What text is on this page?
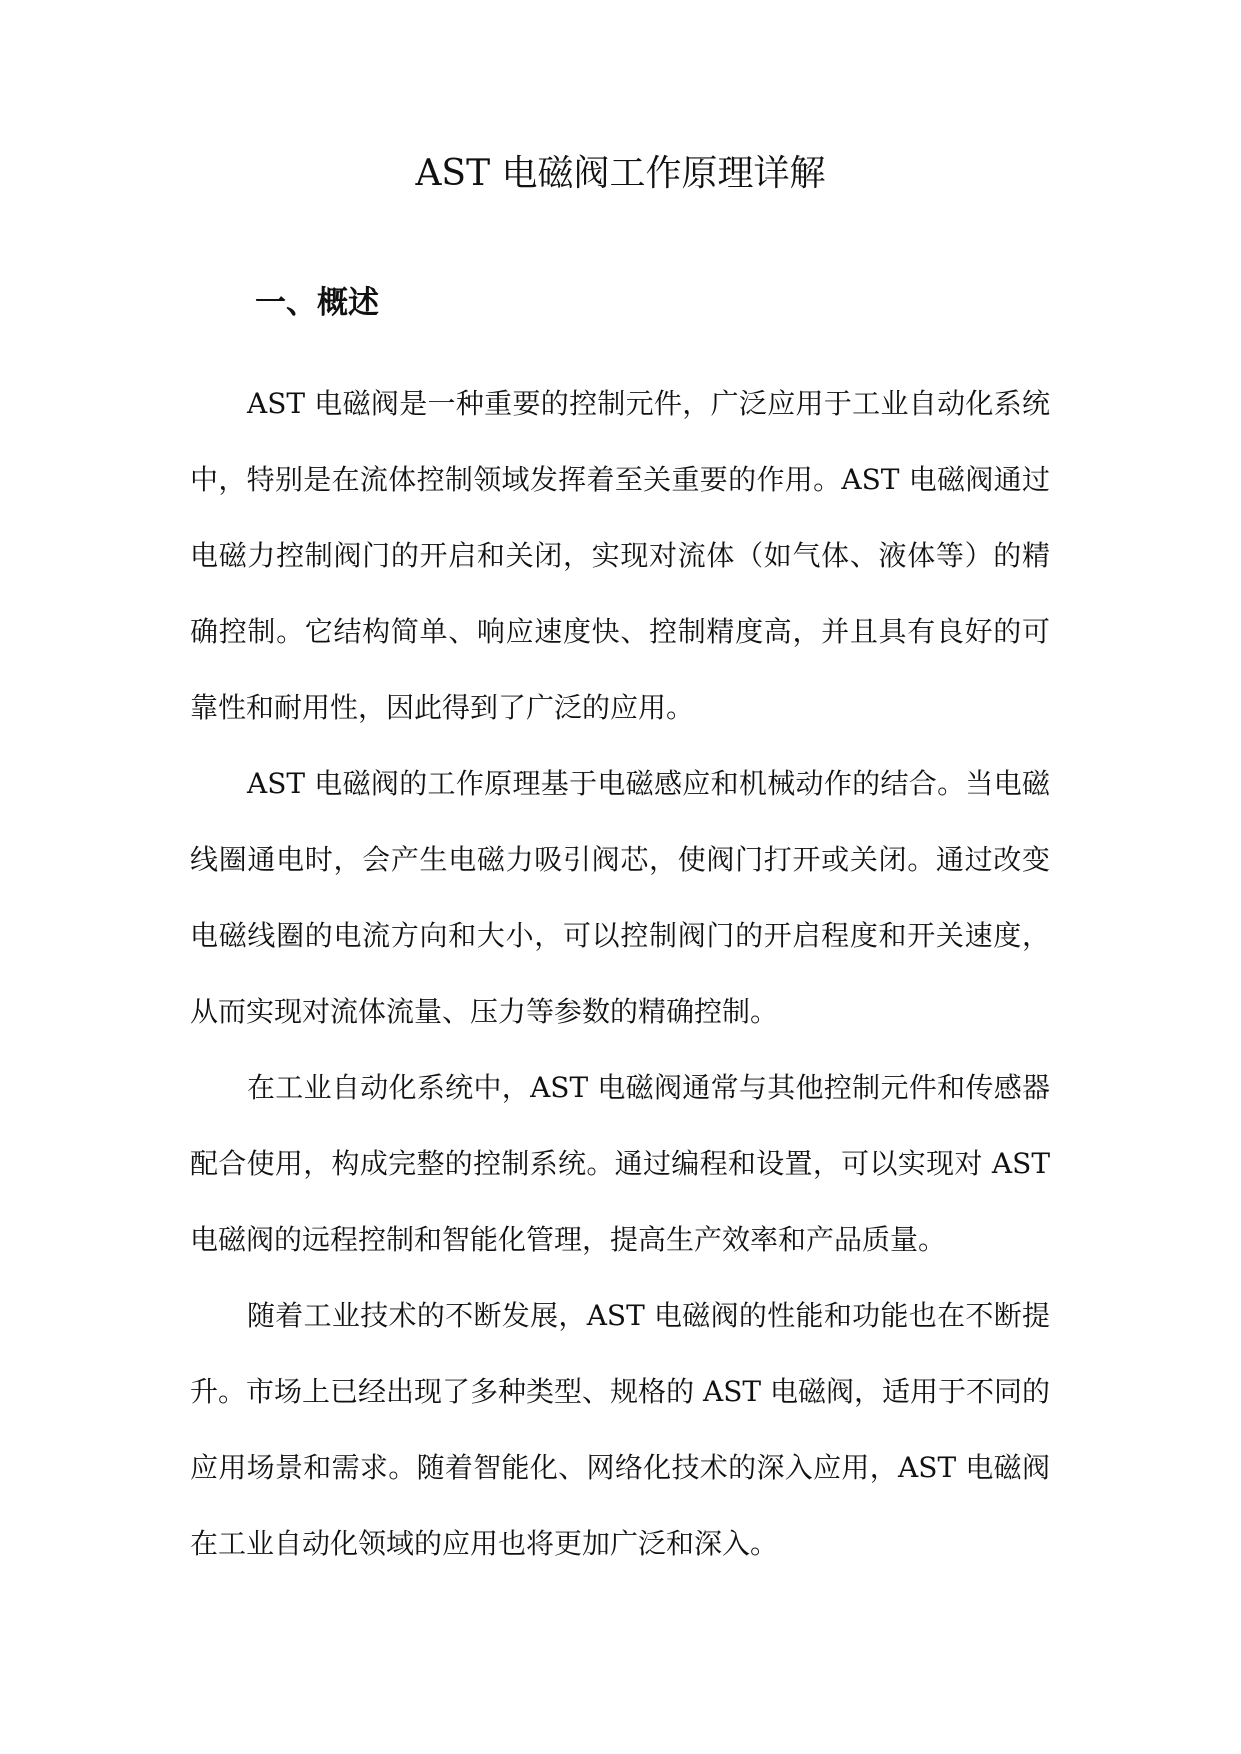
AST 电磁阀工作原理详解
一、概述

AST 电磁阀是一种重要的控制元件，广泛应用于工业自动化系统中，特别是在流体控制领域发挥着至关重要的作用。AST 电磁阀通过电磁力控制阀门的开启和关闭，实现对流体（如气体、液体等）的精确控制。它结构简单、响应速度快、控制精度高，并且具有良好的可靠性和耐用性，因此得到了广泛的应用。

AST 电磁阀的工作原理基于电磁感应和机械动作的结合。当电磁线圈通电时，会产生电磁力吸引阀芯，使阀门打开或关闭。通过改变电磁线圈的电流方向和大小，可以控制阀门的开启程度和开关速度，从而实现对流体流量、压力等参数的精确控制。

在工业自动化系统中，AST 电磁阀通常与其他控制元件和传感器配合使用，构成完整的控制系统。通过编程和设置，可以实现对 AST 电磁阀的远程控制和智能化管理，提高生产效率和产品质量。

随着工业技术的不断发展，AST 电磁阀的性能和功能也在不断提升。市场上已经出现了多种类型、规格的 AST 电磁阀，适用于不同的应用场景和需求。随着智能化、网络化技术的深入应用，AST 电磁阀在工业自动化领域的应用也将更加广泛和深入。
